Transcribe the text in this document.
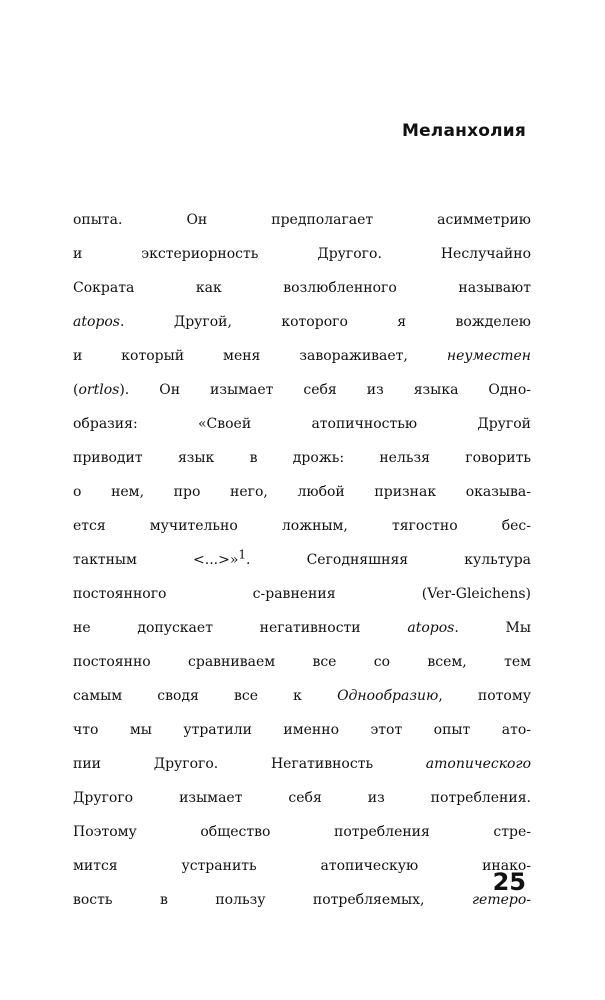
Меланхолия
опыта. Он предполагает асимметрию
и экстериорность Другого. Неслучайно
Сократа как возлюбленного называют
atopos. Другой, которого я вожделею
и который меня завораживает, неуместен
(ortlos). Он изымает себя из языка Одно-
образия: «Своей атопичностью Другой
приводит язык в дрожь: нельзя говорить
о нем, про него, любой признак оказыва-
ется мучительно ложным, тягостно бес-
тактным <...>»$^1$. Сегодняшняя культура
постоянного с-равнения (Ver-Gleichens)
не допускает негативности atopos. Мы
постоянно сравниваем все со всем, тем
самым сводя все к Однообразию, потому
что мы утратили именно этот опыт ато-
пии Другого. Негативность атопического
Другого изымает себя из потребления.
Поэтому общество потребления стре-
мится устранить атопическую инако-
вость в пользу потребляемых, гетеро-
25
